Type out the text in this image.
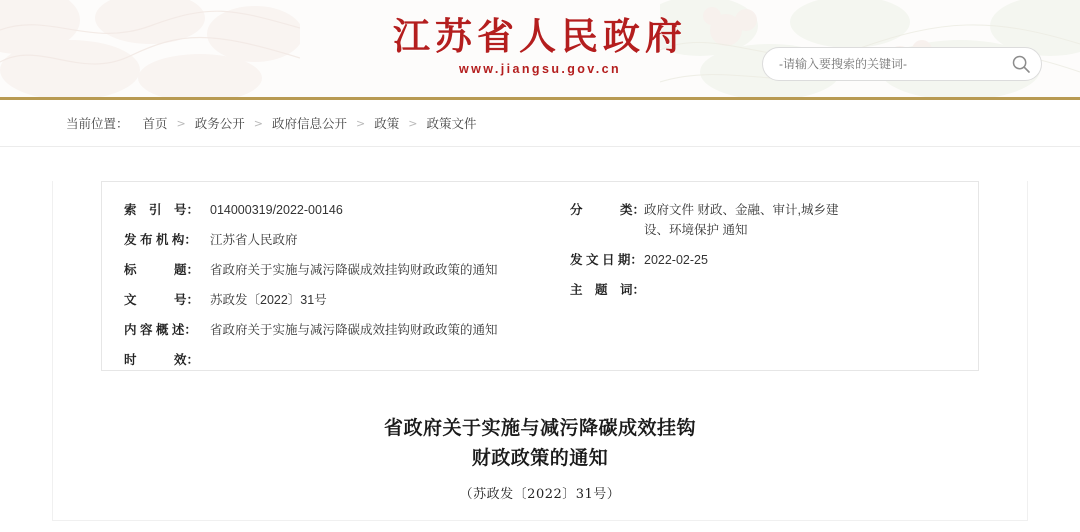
江苏省人民政府
www.jiangsu.gov.cn
-请输入要搜索的关键词-
当前位置： 首页 > 政务公开 > 政府信息公开 > 政策 > 政策文件
索　引　号： 014000319/2022-00146
发 布 机 构：	江苏省人民政府
标　　　题： 省政府关于实施与减污降碳成效挂钩财政政策的通知
文　　　号： 苏政发〔2022〕31号
内 容 概 述：	省政府关于实施与减污降碳成效挂钩财政政策的通知
时　　　效：
分　　　类：
政府文件 财政、金融、审计,城乡建设、环境保护 通知
发 文 日 期： 2022-02-25
主　题　词：
省政府关于实施与减污降碳成效挂钩
财政政策的通知
（苏政发〔2022〕31号）
